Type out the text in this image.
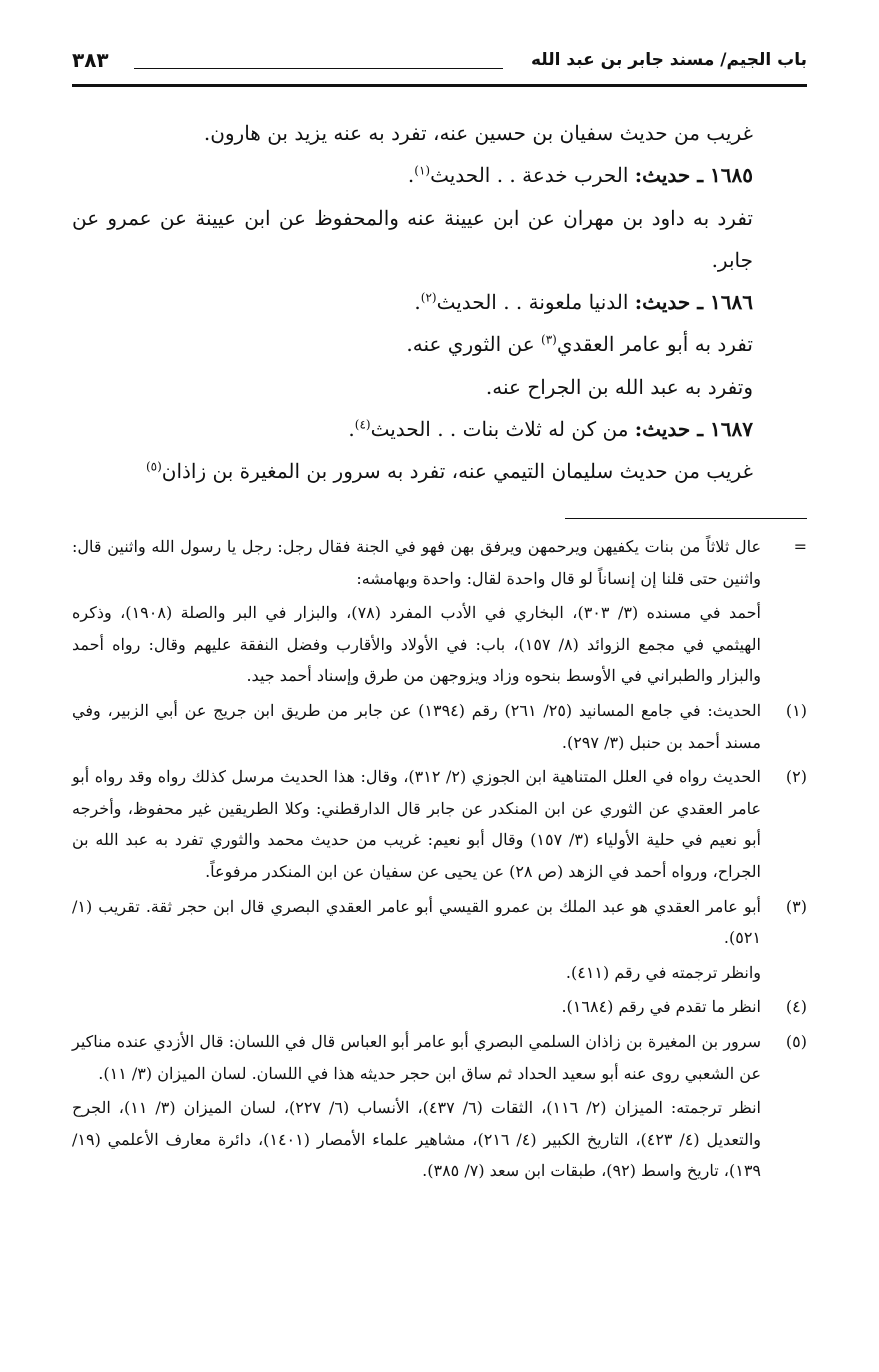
باب الجيم/ مسند جابر بن عبد الله
٣٨٣

غريب من حديث سفيان بن حسين عنه، تفرد به عنه يزيد بن هارون.

١٦٨٥ ـ حديث: الحرب خدعة . . الحديث$^{(١)}$.

تفرد به داود بن مهران عن ابن عيينة عنه والمحفوظ عن ابن عيينة عن عمرو عن جابر.

١٦٨٦ ـ حديث: الدنيا ملعونة . . الحديث$^{(٢)}$.

تفرد به أبو عامر العقدي$^{(٣)}$ عن الثوري عنه.

وتفرد به عبد الله بن الجراح عنه.

١٦٨٧ ـ حديث: من كن له ثلاث بنات . . الحديث$^{(٤)}$.

غريب من حديث سليمان التيمي عنه، تفرد به سرور بن المغيرة بن زاذان$^{(٥)}$

=

عال ثلاثاً من بنات يكفيهن ويرحمهن ويرفق بهن فهو في الجنة فقال رجل: رجل يا رسول الله واثنين قال: واثنين حتى قلنا إن إنساناً لو قال واحدة لقال: واحدة وبهامشه:

أحمد في مسنده (٣/ ٣٠٣)، البخاري في الأدب المفرد (٧٨)، والبزار في البر والصلة (١٩٠٨)، وذكره الهيثمي في مجمع الزوائد (٨/ ١٥٧)، باب: في الأولاد والأقارب وفضل النفقة عليهم وقال: رواه أحمد والبزار والطبراني في الأوسط بنحوه وزاد ويزوجهن من طرق وإسناد أحمد جيد.

(١)

الحديث: في جامع المسانيد (٢٥/ ٢٦١) رقم (١٣٩٤) عن جابر من طريق ابن جريج عن أبي الزبير، وفي مسند أحمد بن حنبل (٣/ ٢٩٧).

(٢)

الحديث رواه في العلل المتناهية ابن الجوزي (٢/ ٣١٢)، وقال: هذا الحديث مرسل كذلك رواه وقد رواه أبو عامر العقدي عن الثوري عن ابن المنكدر عن جابر قال الدارقطني: وكلا الطريقين غير محفوظ، وأخرجه أبو نعيم في حلية الأولياء (٣/ ١٥٧) وقال أبو نعيم: غريب من حديث محمد والثوري تفرد به عبد الله بن الجراح، ورواه أحمد في الزهد (ص ٢٨) عن يحيى عن سفيان عن ابن المنكدر مرفوعاً.

(٣)

أبو عامر العقدي هو عبد الملك بن عمرو القيسي أبو عامر العقدي البصري قال ابن حجر ثقة. تقريب (١/ ٥٢١).

وانظر ترجمته في رقم (٤١١).

(٤)

انظر ما تقدم في رقم (١٦٨٤).

(٥)

سرور بن المغيرة بن زاذان السلمي البصري أبو عامر أبو العباس قال في اللسان: قال الأزدي عنده مناكير عن الشعبي روى عنه أبو سعيد الحداد ثم ساق ابن حجر حديثه هذا في اللسان. لسان الميزان (٣/ ١١).

انظر ترجمته: الميزان (٢/ ١١٦)، الثقات (٦/ ٤٣٧)، الأنساب (٦/ ٢٢٧)، لسان الميزان (٣/ ١١)، الجرح والتعديل (٤/ ٤٢٣)، التاريخ الكبير (٤/ ٢١٦)، مشاهير علماء الأمصار (١٤٠١)، دائرة معارف الأعلمي (١٩/ ١٣٩)، تاريخ واسط (٩٢)، طبقات ابن سعد (٧/ ٣٨٥).
